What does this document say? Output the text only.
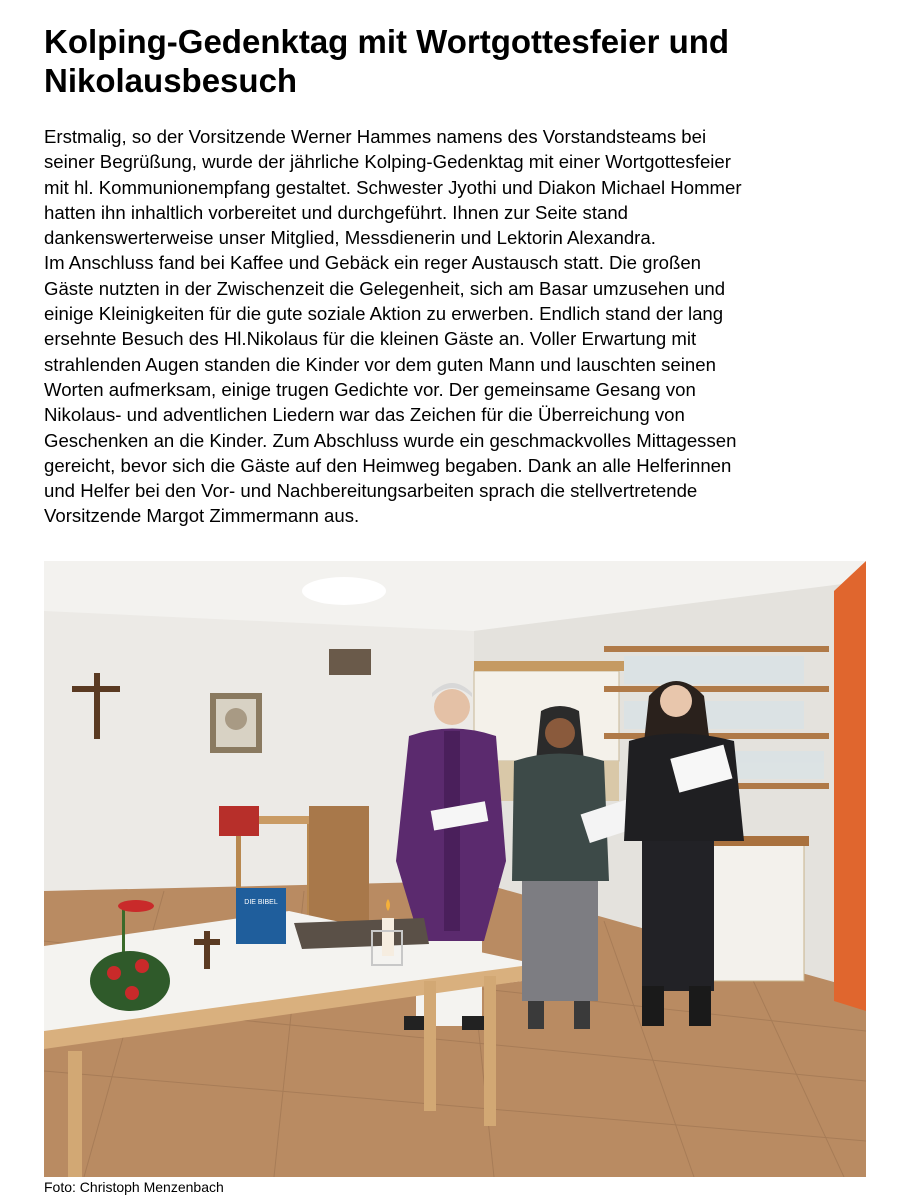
Kolping-Gedenktag mit Wortgottesfeier und
Nikolausbesuch

Erstmalig, so der Vorsitzende Werner Hammes namens des Vorstandsteams bei

seiner Begrüßung, wurde der jährliche Kolping-Gedenktag mit einer Wortgottesfeier

mit hl. Kommunionempfang gestaltet. Schwester Jyothi und Diakon Michael Hommer

hatten ihn inhaltlich vorbereitet und durchgeführt. Ihnen zur Seite stand

dankenswerterweise unser Mitglied, Messdienerin und Lektorin Alexandra.

Im Anschluss fand bei Kaffee und Gebäck ein reger Austausch statt. Die großen

Gäste nutzten in der Zwischenzeit die Gelegenheit, sich am Basar umzusehen und

einige Kleinigkeiten für die gute soziale Aktion zu erwerben. Endlich stand der lang

ersehnte Besuch des Hl.Nikolaus für die kleinen Gäste an. Voller Erwartung mit

strahlenden Augen standen die Kinder vor dem guten Mann und lauschten seinen

Worten aufmerksam, einige trugen Gedichte vor. Der gemeinsame Gesang von

Nikolaus- und adventlichen Liedern war das Zeichen für die Überreichung von

Geschenken an die Kinder. Zum Abschluss wurde ein geschmackvolles Mittagessen

gereicht, bevor sich die Gäste auf den Heimweg begaben. Dank an alle Helferinnen

und Helfer bei den Vor- und Nachbereitungsarbeiten sprach die stellvertretende

Vorsitzende Margot Zimmermann aus.

DIE BIBEL
Foto: Christoph Menzenbach
